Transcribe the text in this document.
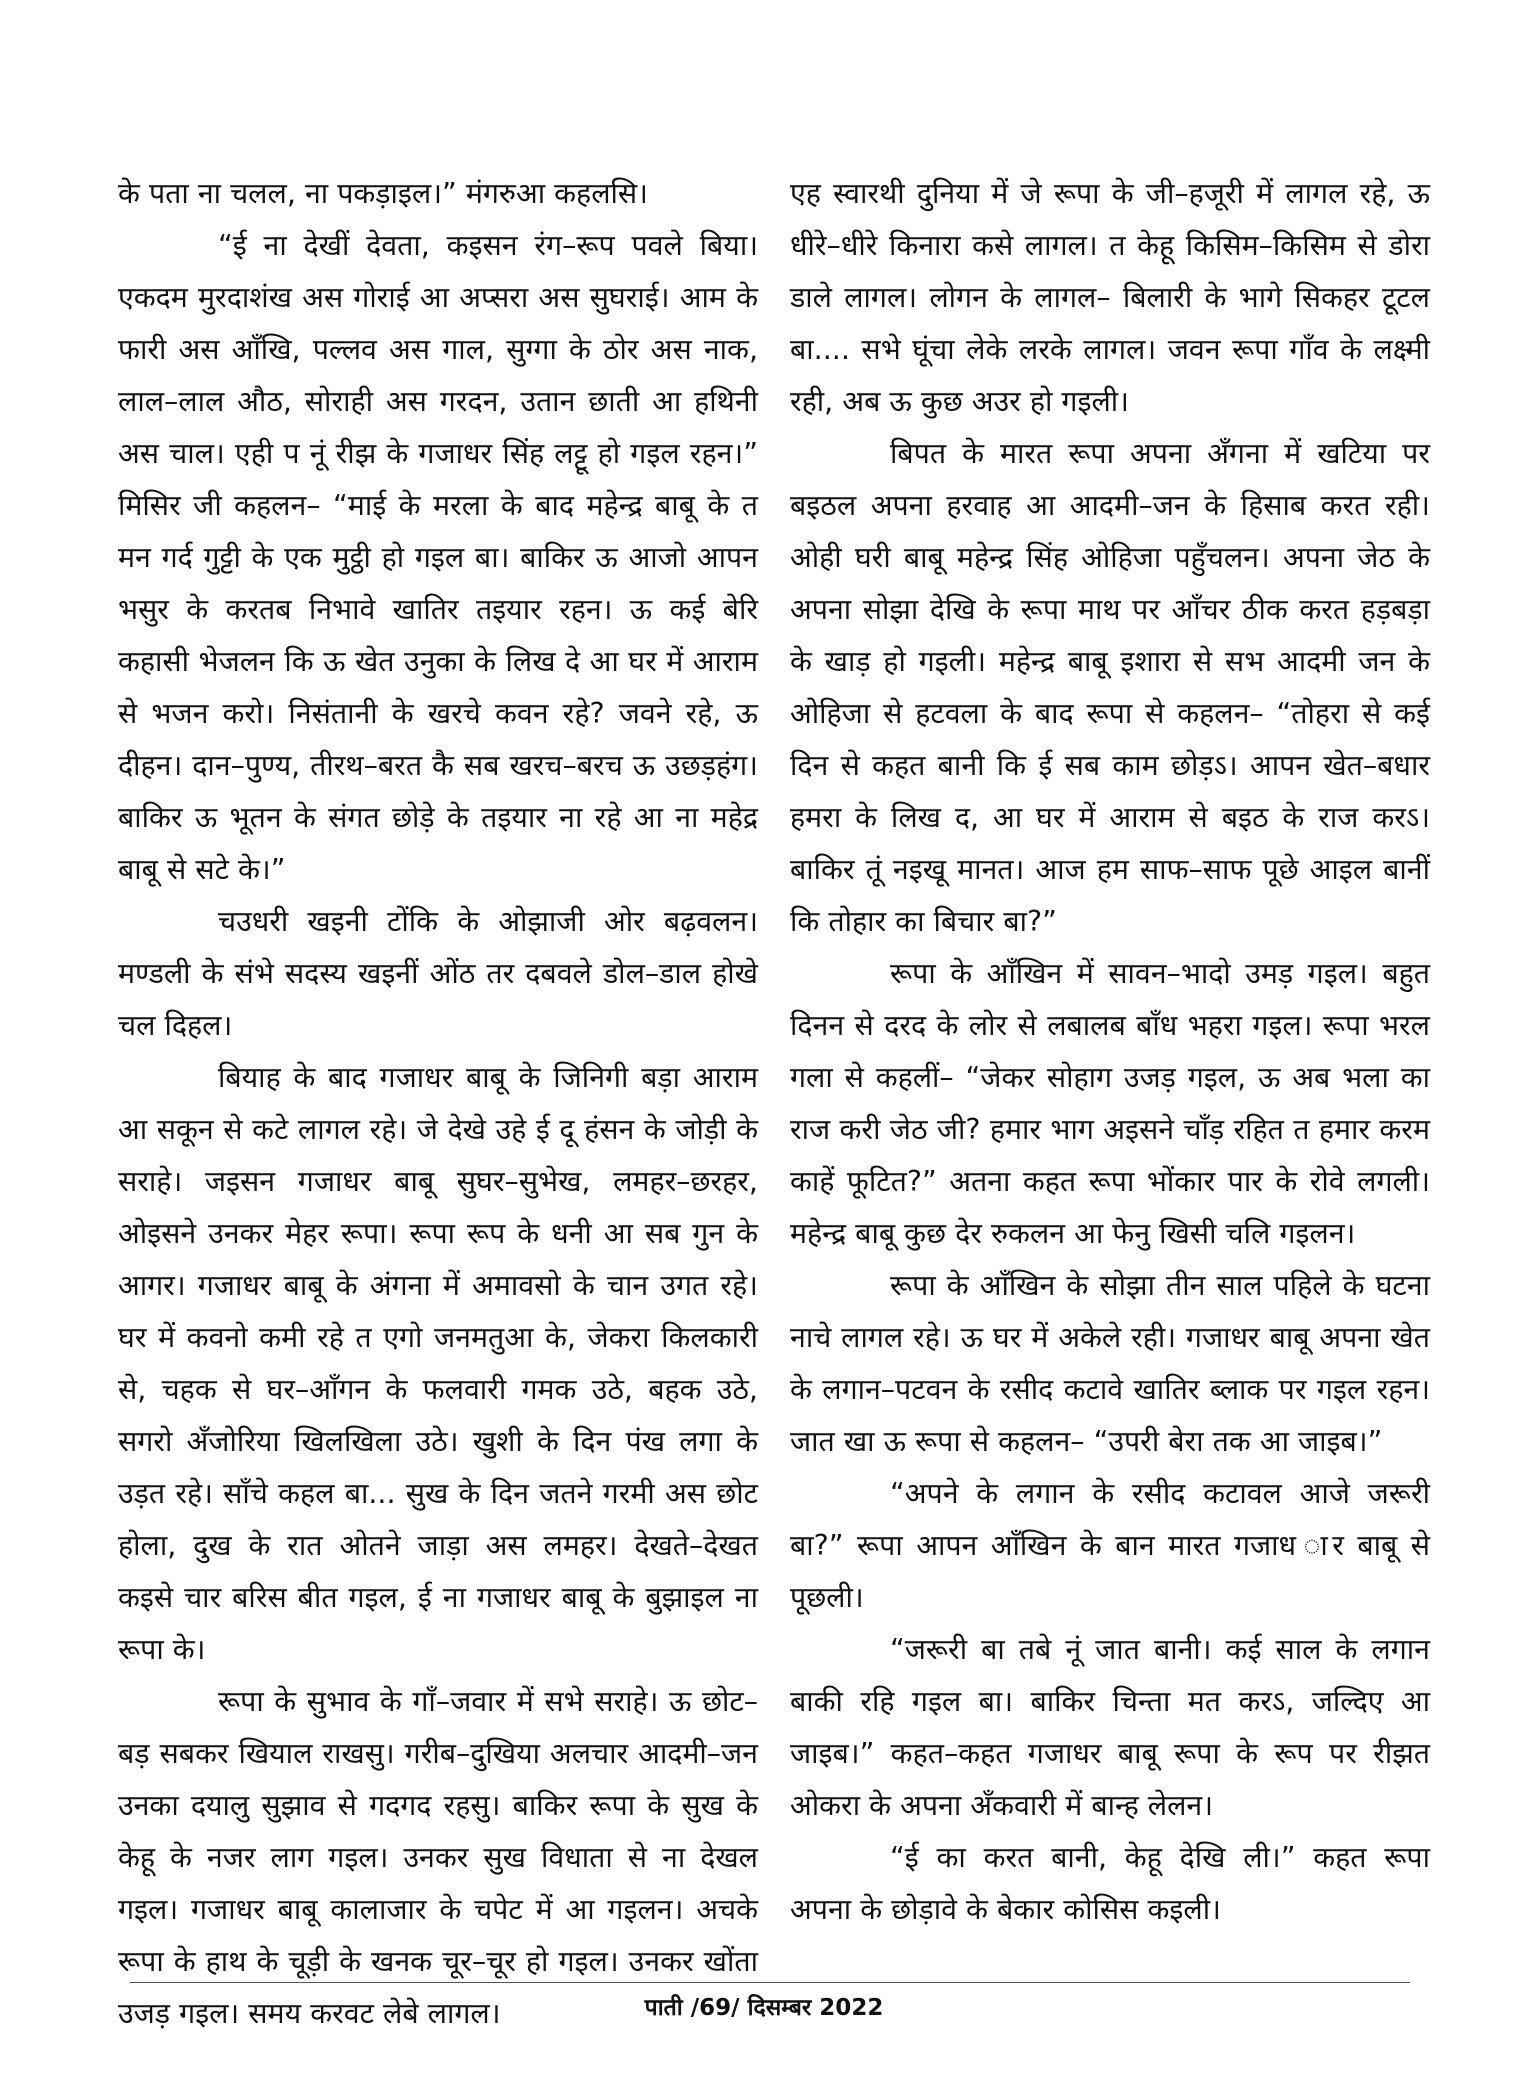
के पता ना चलल, ना पकड़ाइल।” मंगरुआ कहलसि।

“ई ना देखीं देवता, कइसन रंग–रूप पवले बिया। एकदम मुरदाशंख अस गोराई आ अप्सरा अस सुघराई। आम के फारी अस आँखि, पल्लव अस गाल, सुग्गा के ठोर अस नाक, लाल–लाल औठ, सोराही अस गरदन, उतान छाती आ हथिनी अस चाल। एही प नूं रीझ के गजाधर सिंह लट्टू हो गइल रहन।” मिसिर जी कहलन– “माई के मरला के बाद महेन्द्र बाबू के त मन गर्द गुट्टी के एक मुट्ठी हो गइल बा। बाकिर ऊ आजो आपन भसुर के करतब निभावे खातिर तइयार रहन। ऊ कई बेरि कहासी भेजलन कि ऊ खेत उनुका के लिख दे आ घर में आराम से भजन करो। निसंतानी के खरचे कवन रहे? जवने रहे, ऊ दीहन। दान–पुण्य, तीरथ–बरत कै सब खरच–बरच ऊ उछड़हंग। बाकिर ऊ भूतन के संगत छोड़े के तइयार ना रहे आ ना महेद्र बाबू से सटे के।”

चउधरी खइनी टोंकि के ओझाजी ओर बढ़वलन। मण्डली के संभे सदस्य खइनीं ओंठ तर दबवले डोल–डाल होखे चल दिहल।

बियाह के बाद गजाधर बाबू के जिनिगी बड़ा आराम आ सकून से कटे लागल रहे। जे देखे उहे ई दू हंसन के जोड़ी के सराहे। जइसन गजाधर बाबू सुघर–सुभेख, लमहर–छरहर, ओइसने उनकर मेहर रूपा। रूपा रूप के धनी आ सब गुन के आगर। गजाधर बाबू के अंगना में अमावसो के चान उगत रहे। घर में कवनो कमी रहे त एगो जनमतुआ के, जेकरा किलकारी से, चहक से घर–आँगन के फलवारी गमक उठे, बहक उठे, सगरो अँजोरिया खिलखिला उठे। खुशी के दिन पंख लगा के उड़त रहे। साँचे कहल बा... सुख के दिन जतने गरमी अस छोट होला, दुख के रात ओतने जाड़ा अस लमहर। देखते–देखत कइसे चार बरिस बीत गइल, ई ना गजाधर बाबू के बुझाइल ना रूपा के।

रूपा के सुभाव के गाँ–जवार में सभे सराहे। ऊ छोट–बड़ सबकर खियाल राखसु। गरीब–दुखिया अलचार आदमी–जन उनका दयालु सुझाव से गदगद रहसु। बाकिर रूपा के सुख के केहू के नजर लाग गइल। उनकर सुख विधाता से ना देखल गइल। गजाधर बाबू कालाजार के चपेट में आ गइलन। अचके रूपा के हाथ के चूड़ी के खनक चूर–चूर हो गइल। उनकर खोंता उजड़ गइल। समय करवट लेबे लागल।

एह स्वारथी दुनिया में जे रूपा के जी–हजूरी में लागल रहे, ऊ धीरे–धीरे किनारा कसे लागल। त केहू किसिम–किसिम से डोरा डाले लागल। लोगन के लागल– बिलारी के भागे सिकहर टूटल बा.... सभे घूंचा लेके लरके लागल। जवन रूपा गाँव के लक्ष्मी रही, अब ऊ कुछ अउर हो गइली।

बिपत के मारत रूपा अपना अँगना में खटिया पर बइठल अपना हरवाह आ आदमी–जन के हिसाब करत रही। ओही घरी बाबू महेन्द्र सिंह ओहिजा पहुँचलन। अपना जेठ के अपना सोझा देखि के रूपा माथ पर आँचर ठीक करत हड़बड़ा के खाड़ हो गइली। महेन्द्र बाबू इशारा से सभ आदमी जन के ओहिजा से हटवला के बाद रूपा से कहलन– “तोहरा से कई दिन से कहत बानी कि ई सब काम छोड़ऽ। आपन खेत–बधार हमरा के लिख द, आ घर में आराम से बइठ के राज करऽ। बाकिर तूं नइखू मानत। आज हम साफ–साफ पूछे आइल बानीं कि तोहार का बिचार बा?”

रूपा के आँखिन में सावन–भादो उमड़ गइल। बहुत दिनन से दरद के लोर से लबालब बाँध भहरा गइल। रूपा भरल गला से कहलीं– “जेकर सोहाग उजड़ गइल, ऊ अब भला का राज करी जेठ जी? हमार भाग अइसने चाँड़ रहित त हमार करम काहें फूटित?” अतना कहत रूपा भोंकार पार के रोवे लगली। महेन्द्र बाबू कुछ देर रुकलन आ फेनु खिसी चलि गइलन।

रूपा के आँखिन के सोझा तीन साल पहिले के घटना नाचे लागल रहे। ऊ घर में अकेले रही। गजाधर बाबू अपना खेत के लगान–पटवन के रसीद कटावे खातिर ब्लाक पर गइल रहन। जात खा ऊ रूपा से कहलन– “उपरी बेरा तक आ जाइब।”

“अपने के लगान के रसीद कटावल आजे जरूरी बा?” रूपा आपन आँखिन के बान मारत गजाध ार बाबू से पूछली।

“जरूरी बा तबे नूं जात बानी। कई साल के लगान बाकी रहि गइल बा। बाकिर चिन्ता मत करऽ, जल्दिए आ जाइब।” कहत–कहत गजाधर बाबू रूपा के रूप पर रीझत ओकरा के अपना अँकवारी में बान्ह लेलन।

“ई का करत बानी, केहू देखि ली।” कहत रूपा अपना के छोड़ावे के बेकार कोसिस कइली।

पाती /69/ दिसम्बर 2022
